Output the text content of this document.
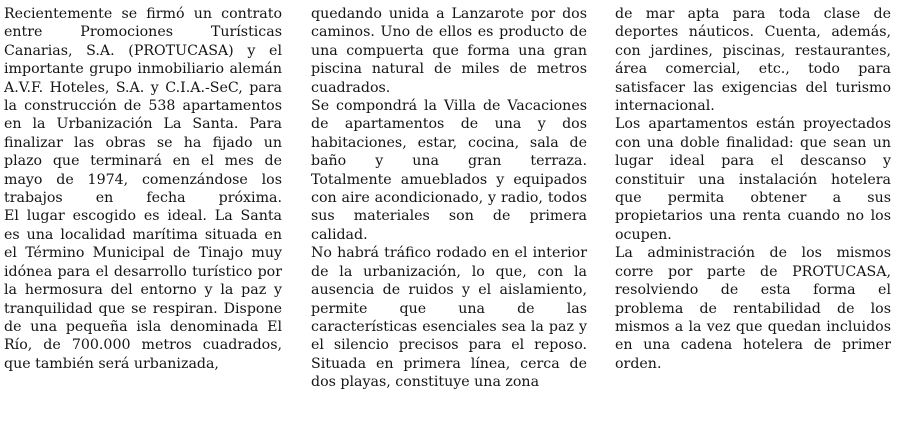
Recientemente se firmó un contrato entre Promociones Turísticas Canarias, S.A. (PROTUCASA) y el importante grupo inmobiliario alemán A.V.F. Hoteles, S.A. y C.I.A.-SeC, para la construcción de 538 apartamentos en la Urbanización La Santa. Para finalizar las obras se ha fijado un plazo que terminará en el mes de mayo de 1974, comenzándose los trabajos en fecha próxima.

El lugar escogido es ideal. La Santa es una localidad marítima situada en el Término Municipal de Tinajo muy idónea para el desarrollo turístico por la hermosura del entorno y la paz y tranquilidad que se respiran. Dispone de una pequeña isla denominada El Río, de 700.000 metros cuadrados, que también será urbanizada,

quedando unida a Lanzarote por dos caminos. Uno de ellos es producto de una compuerta que forma una gran piscina natural de miles de metros cuadrados.

Se compondrá la Villa de Vacaciones de apartamentos de una y dos habitaciones, estar, cocina, sala de baño y una gran terraza.

Totalmente amueblados y equipados con aire acondicionado, y radio, todos sus materiales son de primera calidad.

No habrá tráfico rodado en el interior de la urbanización, lo que, con la ausencia de ruidos y el aislamiento, permite que una de las características esenciales sea la paz y el silencio precisos para el reposo.

Situada en primera línea, cerca de dos playas, constituye una zona

de mar apta para toda clase de deportes náuticos. Cuenta, además, con jardines, piscinas, restaurantes, área comercial, etc., todo para satisfacer las exigencias del turismo internacional.

Los apartamentos están proyectados con una doble finalidad: que sean un lugar ideal para el descanso y constituir una instalación hotelera que permita obtener a sus propietarios una renta cuando no los ocupen.

La administración de los mismos corre por parte de PROTUCASA, resolviendo de esta forma el problema de rentabilidad de los mismos a la vez que quedan incluidos en una cadena hotelera de primer orden.
